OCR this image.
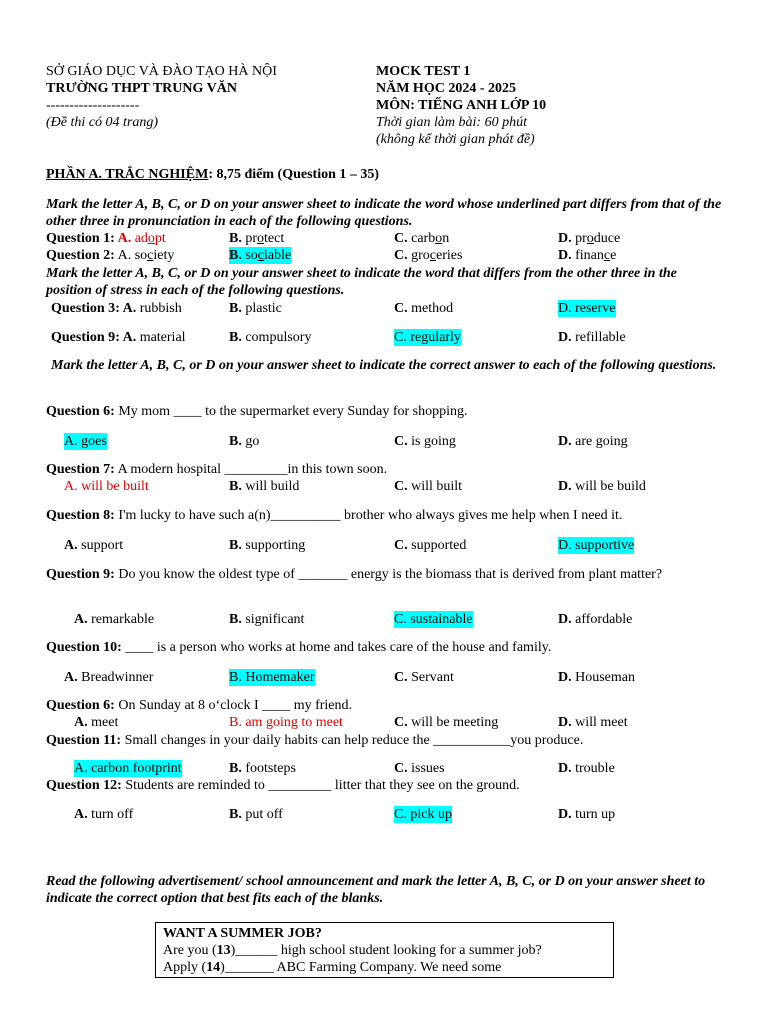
SỞ GIÁO DỤC VÀ ĐÀO TẠO HÀ NỘI
TRƯỜNG THPT TRUNG VĂN
--------------------
(Đề thi có 04 trang)
MOCK TEST 1
NĂM HỌC 2024 - 2025
MÔN: TIẾNG ANH LỚP 10
Thời gian làm bài: 60 phút
(không kể thời gian phát đề)
PHẦN A. TRẮC NGHIỆM: 8,75 điểm (Question 1 – 35)
Mark the letter A, B, C, or D on your answer sheet to indicate the word whose underlined part differs from that of the other three in pronunciation in each of the following questions.
Question 1: A. adopt	B. protect	C. carbon	D. produce
Question 2: A. society	B. sociable	C. groceries	D. finance
Mark the letter A, B, C, or D on your answer sheet to indicate the word that differs from the other three in the position of stress in each of the following questions.
Question 3: A. rubbish	B. plastic	C. method	D. reserve
Question 9: A. material	B. compulsory	C. regularly	D. refillable
Mark the letter A, B, C, or D on your answer sheet to indicate the correct answer to each of the following questions.
Question 6: My mom ____ to the supermarket every Sunday for shopping.
A. goes	B. go	C. is going	D. are going
Question 7: A modern hospital _________in this town soon.
A. will be built	B. will build	C. will built	D. will be build
Question 8: I'm lucky to have such a(n)__________ brother who always gives me help when I need it.
A. support	B. supporting	C. supported	D. supportive
Question 9: Do you know the oldest type of _______ energy is the biomass that is derived from plant matter?
A. remarkable	B. significant	C. sustainable	D. affordable
Question 10: ____ is a person who works at home and takes care of the house and family.
A. Breadwinner	B. Homemaker	C. Servant	D. Houseman
Question 6: On Sunday at 8 o‘clock I ____ my friend.
A. meet	B. am going to meet	C. will be meeting	D. will meet
Question 11: Small changes in your daily habits can help reduce the ___________you produce.
A. carbon footprint	B. footsteps	C. issues	D. trouble
Question 12: Students are reminded to _________ litter that they see on the ground.
A. turn off	B. put off	C. pick up	D. turn up
Read the following advertisement/ school announcement and mark the letter A, B, C, or D on your answer sheet to indicate the correct option that best fits each of the blanks.
WANT A SUMMER JOB?
Are you (13)______ high school student looking for a summer job?
Apply (14)_______ ABC Farming Company. We need some
